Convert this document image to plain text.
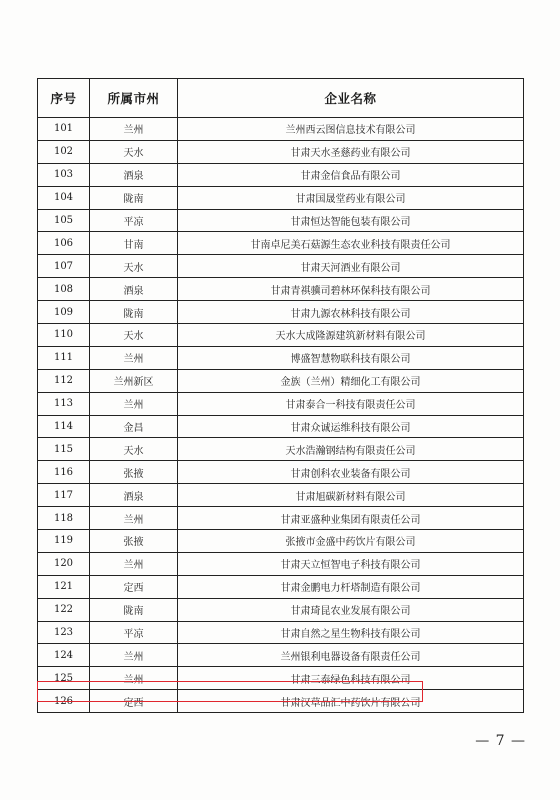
序号	所属市州	企业名称
101	兰州	兰州西云图信息技术有限公司
102	天水	甘肃天水圣慈药业有限公司
103	酒泉	甘肃金信食品有限公司
104	陇南	甘肃国晟堂药业有限公司
105	平凉	甘肃恒达智能包装有限公司
106	甘南	甘南卓尼美石菇源生态农业科技有限责任公司
107	天水	甘肃天河酒业有限公司
108	酒泉	甘肃青祺骥司碧林环保科技有限公司
109	陇南	甘肃九源农林科技有限公司
110	天水	天水大成隆源建筑新材料有限公司
111	兰州	博盛智慧物联科技有限公司
112	兰州新区	金族（兰州）精细化工有限公司
113	兰州	甘肃泰合一科技有限责任公司
114	金昌	甘肃众诚运维科技有限公司
115	天水	天水浩瀚钢结构有限责任公司
116	张掖	甘肃创科农业装备有限公司
117	酒泉	甘肃旭碳新材料有限公司
118	兰州	甘肃亚盛种业集团有限责任公司
119	张掖	张掖市金盛中药饮片有限公司
120	兰州	甘肃天立恒智电子科技有限公司
121	定西	甘肃金鹏电力杆塔制造有限公司
122	陇南	甘肃琦昆农业发展有限公司
123	平凉	甘肃自然之星生物科技有限公司
124	兰州	兰州银利电器设备有限责任公司
125	兰州	甘肃三泰绿色科技有限公司
126	定西	甘肃汉草品汇中药饮片有限公司
— 7 —
